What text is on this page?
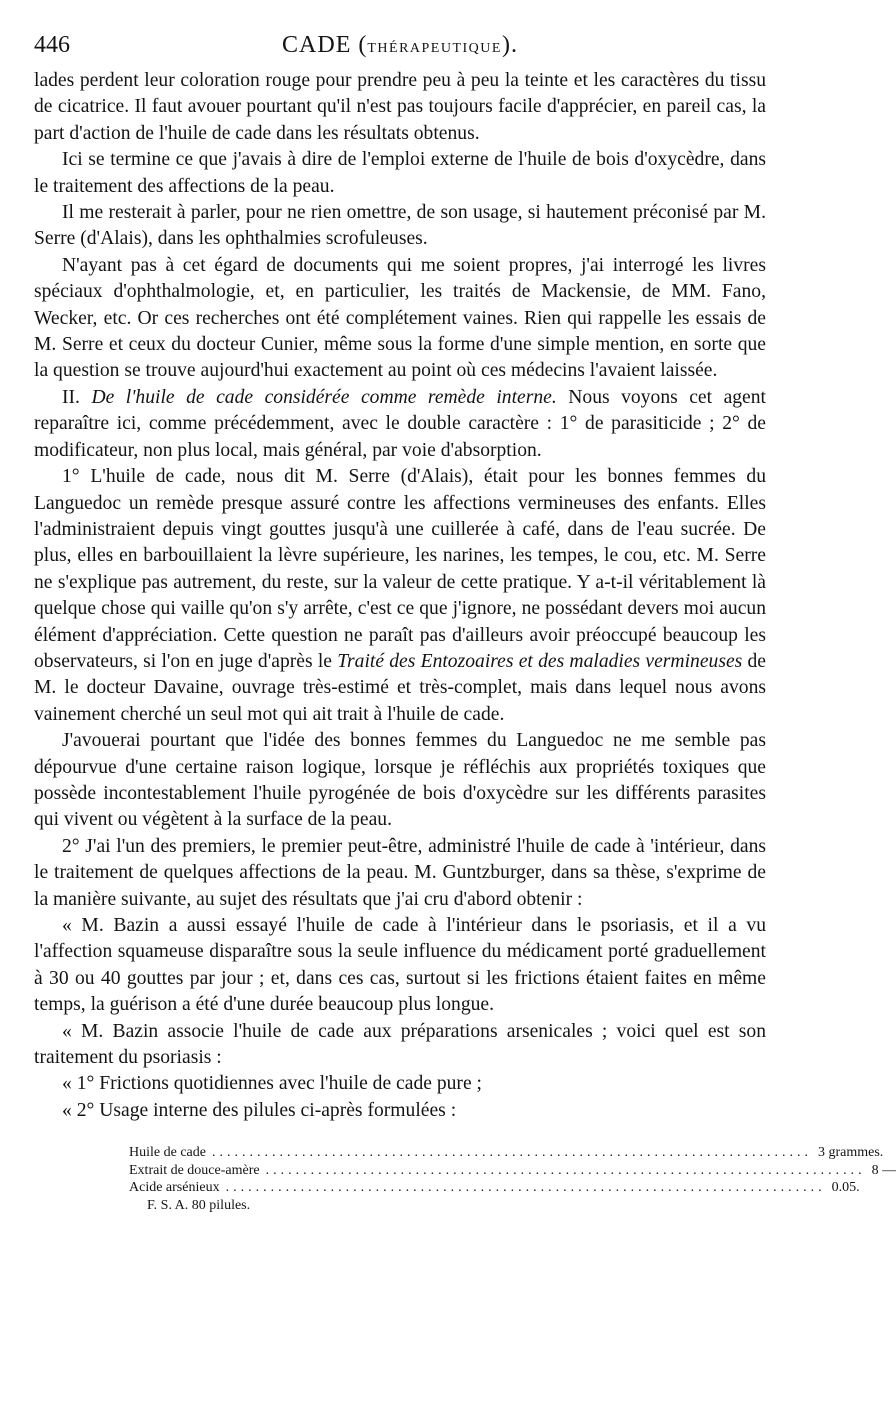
446	CADE (THÉRAPEUTIQUE).

lades perdent leur coloration rouge pour prendre peu à peu la teinte et les caractères du tissu de cicatrice. Il faut avouer pourtant qu'il n'est pas toujours facile d'apprécier, en pareil cas, la part d'action de l'huile de cade dans les résultats obtenus.

Ici se termine ce que j'avais à dire de l'emploi externe de l'huile de bois d'oxycèdre, dans le traitement des affections de la peau.

Il me resterait à parler, pour ne rien omettre, de son usage, si hautement préconisé par M. Serre (d'Alais), dans les ophthalmies scrofuleuses.

N'ayant pas à cet égard de documents qui me soient propres, j'ai interrogé les livres spéciaux d'ophthalmologie, et, en particulier, les traités de Mackensie, de MM. Fano, Wecker, etc. Or ces recherches ont été complétement vaines. Rien qui rappelle les essais de M. Serre et ceux du docteur Cunier, même sous la forme d'une simple mention, en sorte que la question se trouve aujourd'hui exactement au point où ces médecins l'avaient laissée.

II. De l'huile de cade considérée comme remède interne. Nous voyons cet agent reparaître ici, comme précédemment, avec le double caractère : 1° de parasiticide ; 2° de modificateur, non plus local, mais général, par voie d'absorption.

1° L'huile de cade, nous dit M. Serre (d'Alais), était pour les bonnes femmes du Languedoc un remède presque assuré contre les affections vermineuses des enfants. Elles l'administraient depuis vingt gouttes jusqu'à une cuillerée à café, dans de l'eau sucrée. De plus, elles en barbouillaient la lèvre supérieure, les narines, les tempes, le cou, etc. M. Serre ne s'explique pas autrement, du reste, sur la valeur de cette pratique. Y a-t-il véritablement là quelque chose qui vaille qu'on s'y arrête, c'est ce que j'ignore, ne possédant devers moi aucun élément d'appréciation. Cette question ne paraît pas d'ailleurs avoir préoccupé beaucoup les observateurs, si l'on en juge d'après le Traité des Entozoaires et des maladies vermineuses de M. le docteur Davaine, ouvrage très-estimé et très-complet, mais dans lequel nous avons vainement cherché un seul mot qui ait trait à l'huile de cade.

J'avouerai pourtant que l'idée des bonnes femmes du Languedoc ne me semble pas dépourvue d'une certaine raison logique, lorsque je réfléchis aux propriétés toxiques que possède incontestablement l'huile pyrogénée de bois d'oxycèdre sur les différents parasites qui vivent ou végètent à la surface de la peau.

2° J'ai l'un des premiers, le premier peut-être, administré l'huile de cade à 'intérieur, dans le traitement de quelques affections de la peau. M. Guntzburger, dans sa thèse, s'exprime de la manière suivante, au sujet des résultats que j'ai cru d'abord obtenir :

« M. Bazin a aussi essayé l'huile de cade à l'intérieur dans le psoriasis, et il a vu l'affection squameuse disparaître sous la seule influence du médicament porté graduellement à 30 ou 40 gouttes par jour ; et, dans ces cas, surtout si les frictions étaient faites en même temps, la guérison a été d'une durée beaucoup plus longue.

« M. Bazin associe l'huile de cade aux préparations arsenicales ; voici quel est son traitement du psoriasis :

« 1° Frictions quotidiennes avec l'huile de cade pure ;

« 2° Usage interne des pilules ci-après formulées :

Huile de cade ................................................................................ 3 grammes.
Extrait de douce-amère ................................................................................ 8 —
Acide arsénieux ................................................................................ 0.05.
F. S. A. 80 pilules.
